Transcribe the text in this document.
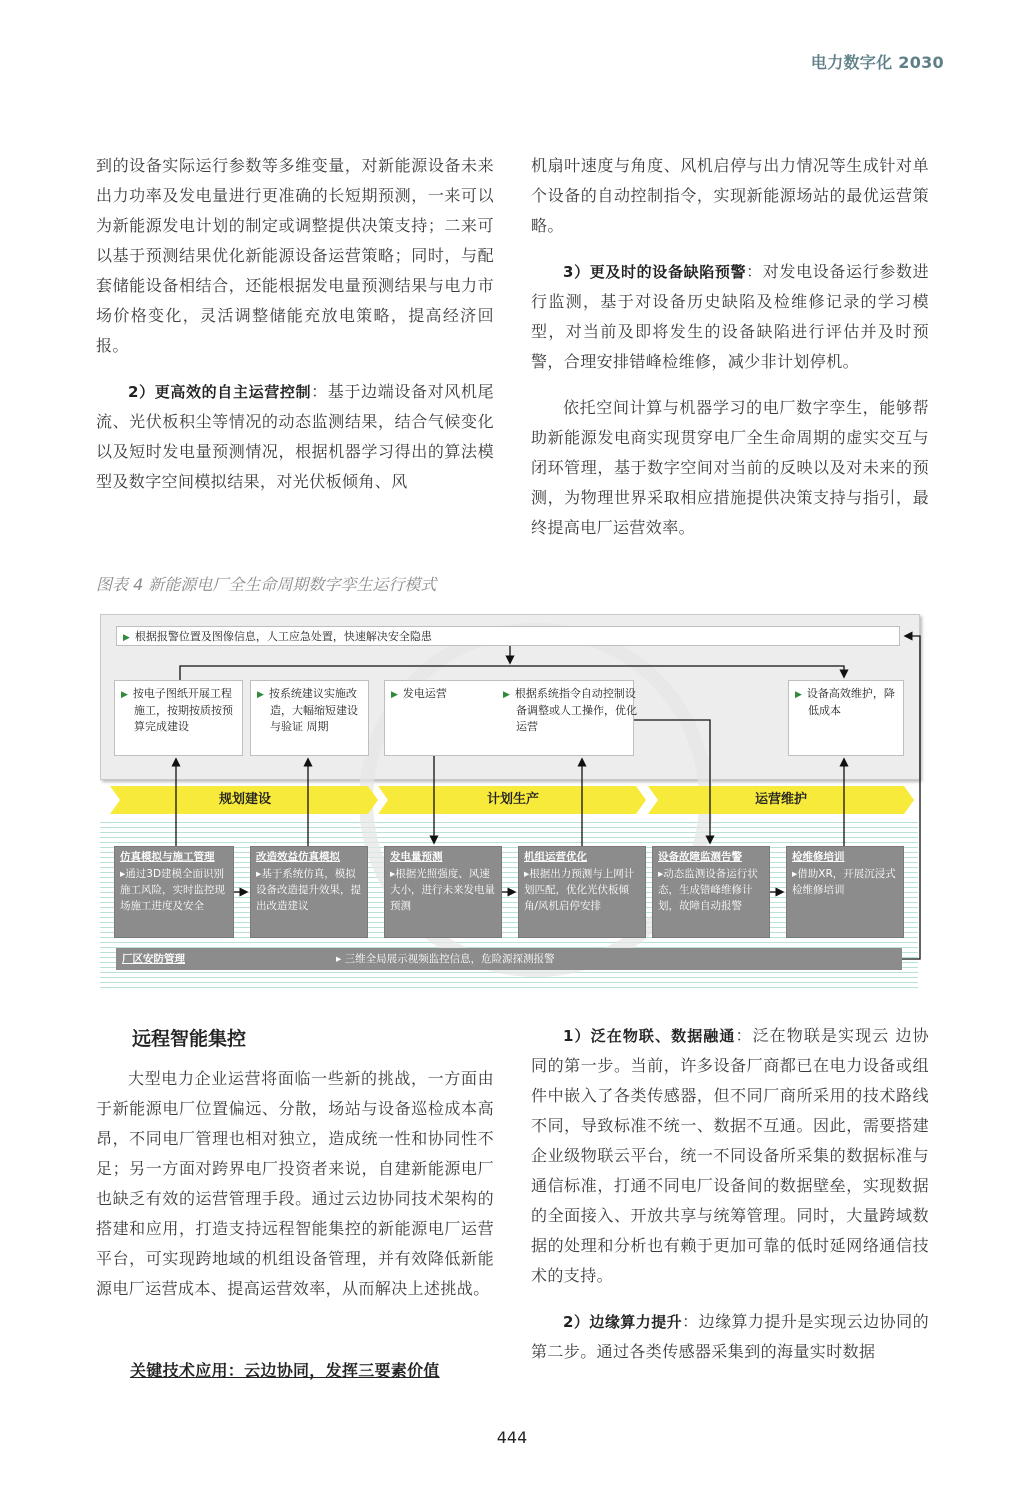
电力数字化 2030

到的设备实际运行参数等多维变量，对新能源设备未来出力功率及发电量进行更准确的长短期预测，一来可以为新能源发电计划的制定或调整提供决策支持；二来可以基于预测结果优化新能源设备运营策略；同时，与配套储能设备相结合，还能根据发电量预测结果与电力市场价格变化，灵活调整储能充放电策略，提高经济回报。

2）更高效的自主运营控制：基于边端设备对风机尾流、光伏板积尘等情况的动态监测结果，结合气候变化以及短时发电量预测情况，根据机器学习得出的算法模型及数字空间模拟结果，对光伏板倾角、风

机扇叶速度与角度、风机启停与出力情况等生成针对单个设备的自动控制指令，实现新能源场站的最优运营策略。

3）更及时的设备缺陷预警：对发电设备运行参数进行监测，基于对设备历史缺陷及检维修记录的学习模型，对当前及即将发生的设备缺陷进行评估并及时预警，合理安排错峰检维修，减少非计划停机。

依托空间计算与机器学习的电厂数字孪生，能够帮助新能源发电商实现贯穿电厂全生命周期的虚实交互与闭环管理，基于数字空间对当前的反映以及对未来的预测，为物理世界采取相应措施提供决策支持与指引，最终提高电厂运营效率。

图表 4 新能源电厂全生命周期数字孪生运行模式
▶ 根据报警位置及图像信息，人工应急处置，快速解决安全隐患
▶ 按电子图纸开展工程施工，按期按质按预算完成建设
▶ 按系统建议实施改造，大幅缩短建设与验证 周期
▶ 发电运营	▶ 根据系统指令自动控制设备调整或人工操作，优化运营
▶ 设备高效维护，降低成本
规划建设	计划生产	运营维护
仿真模拟与施工管理
▸通过3D建模全面识别施工风险，实时监控现场施工进度及安全
改造效益仿真模拟
▸基于系统仿真，模拟设备改造提升效果，提出改造建议
发电量预测
▸根据光照强度、风速大小，进行未来发电量预测
机组运营优化
▸根据出力预测与上网计划匹配，优化光伏板倾角/风机启停安排
设备故障监测告警
▸动态监测设备运行状态，生成错峰维修计划，故障自动报警
检维修培训
▸借助XR，开展沉浸式检维修培训
厂区安防管理	▸ 三维全局展示视频监控信息，危险源探测报警
远程智能集控

大型电力企业运营将面临一些新的挑战，一方面由于新能源电厂位置偏远、分散，场站与设备巡检成本高昂，不同电厂管理也相对独立，造成统一性和协同性不足；另一方面对跨界电厂投资者来说，自建新能源电厂也缺乏有效的运营管理手段。通过云边协同技术架构的搭建和应用，打造支持远程智能集控的新能源电厂运营平台，可实现跨地域的机组设备管理，并有效降低新能源电厂运营成本、提高运营效率，从而解决上述挑战。

关键技术应用：云边协同，发挥三要素价值

1）泛在物联、数据融通：泛在物联是实现云 边协同的第一步。当前，许多设备厂商都已在电力设备或组件中嵌入了各类传感器，但不同厂商所采用的技术路线不同，导致标准不统一、数据不互通。因此，需要搭建企业级物联云平台，统一不同设备所采集的数据标准与通信标准，打通不同电厂设备间的数据壁垒，实现数据的全面接入、开放共享与统筹管理。同时，大量跨域数据的处理和分析也有赖于更加可靠的低时延网络通信技术的支持。

2）边缘算力提升：边缘算力提升是实现云边协同的第二步。通过各类传感器采集到的海量实时数据

444
